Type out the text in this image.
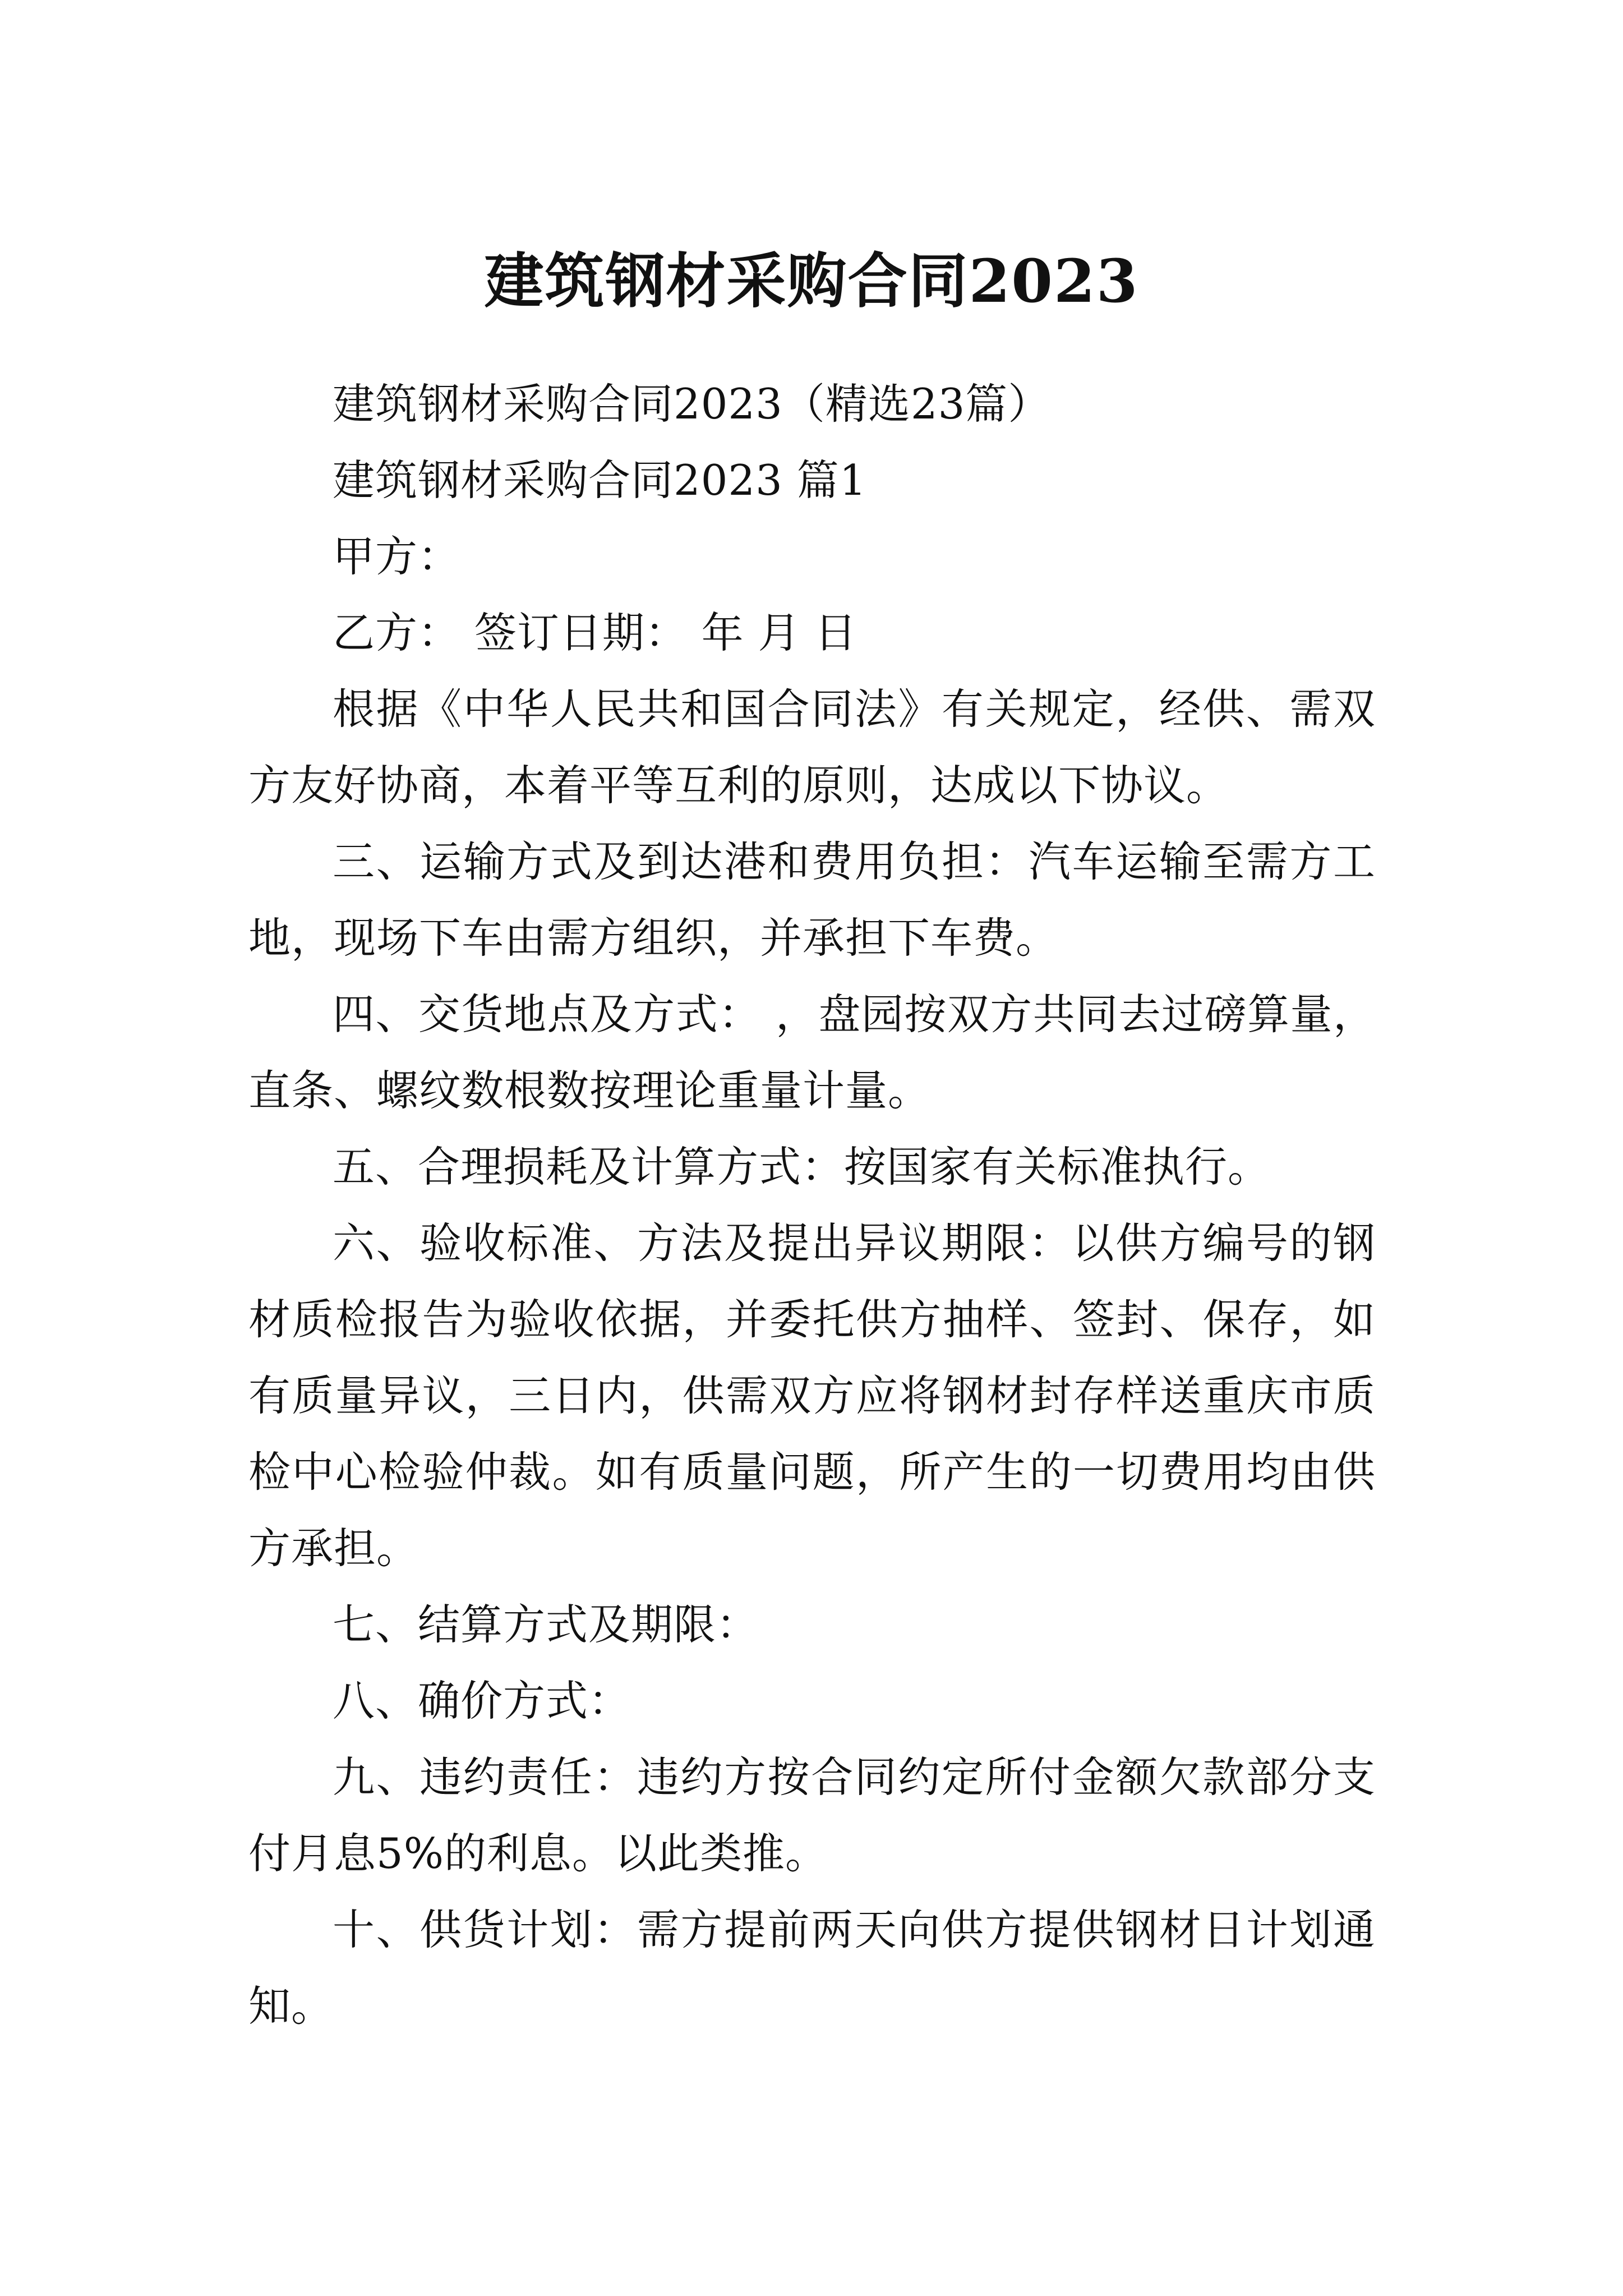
建筑钢材采购合同2023

建筑钢材采购合同2023（精选23篇）

建筑钢材采购合同2023 篇1

甲方：

乙方： 签订日期： 年 月 日

根据《中华人民共和国合同法》有关规定，经供、需双方友好协商，本着平等互利的原则，达成以下协议。

三、运输方式及到达港和费用负担：汽车运输至需方工地，现场下车由需方组织，并承担下车费。

四、交货地点及方式： ，盘园按双方共同去过磅算量，直条、螺纹数根数按理论重量计量。

五、合理损耗及计算方式：按国家有关标准执行。

六、验收标准、方法及提出异议期限：以供方编号的钢材质检报告为验收依据，并委托供方抽样、签封、保存，如有质量异议，三日内，供需双方应将钢材封存样送重庆市质检中心检验仲裁。如有质量问题，所产生的一切费用均由供方承担。

七、结算方式及期限：

八、确价方式：

九、违约责任：违约方按合同约定所付金额欠款部分支付月息5%的利息。以此类推。

十、供货计划：需方提前两天向供方提供钢材日计划通知。
